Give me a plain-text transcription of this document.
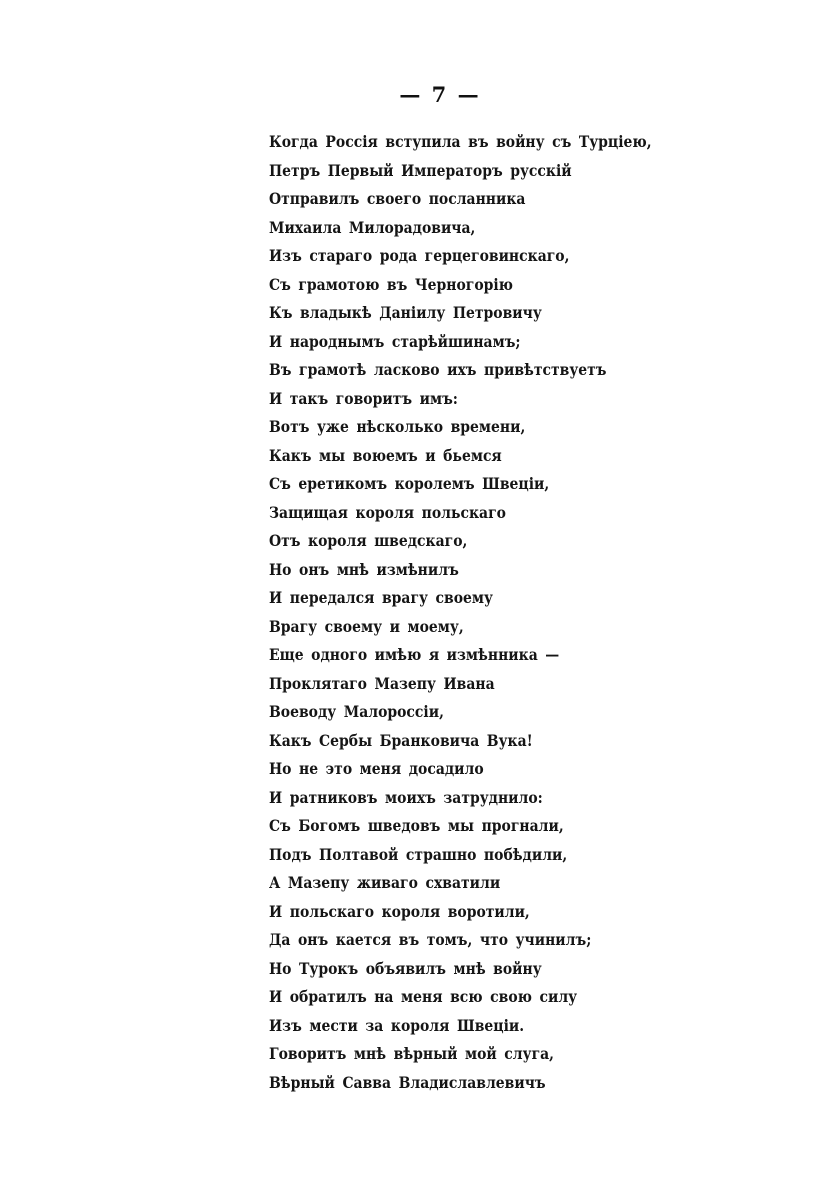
— 7 —
Когда Россія вступила въ войну съ Турціею,
Петръ Первый Императоръ русскій
Отправилъ своего посланника
Михаила Милорадовича,
Изъ стараго рода герцеговинскаго,
Съ грамотою въ Черногорію
Къ владыкѣ Данiилу Петровичу
И народнымъ старѣйшинамъ;
Въ грамотѣ ласково ихъ привѣтствуетъ
И такъ говоритъ имъ:
Вотъ уже нѣсколько времени,
Какъ мы воюемъ и бьемся
Съ еретикомъ королемъ Швеціи,
Защищая короля польскаго
Отъ короля шведскаго,
Но онъ мнѣ измѣнилъ
И передался врагу своему
Врагу своему и моему,
Еще одного имѣю я измѣнника —
Проклятаго Мазепу Ивана
Воеводу Малороссіи,
Какъ Сербы Бранковича Вука!
Но не это меня досадило
И ратниковъ моихъ затруднило:
Съ Богомъ шведовъ мы прогнали,
Подъ Полтавой страшно побѣдили,
А Мазепу живаго схватили
И польскаго короля воротили,
Да онъ кается въ томъ, что учинилъ;
Но Турокъ объявилъ мнѣ войну
И обратилъ на меня всю свою силу
Изъ мести за короля Швеціи.
Говоритъ мнѣ вѣрный мой слуга,
Вѣрный Савва Владиславлевичъ
